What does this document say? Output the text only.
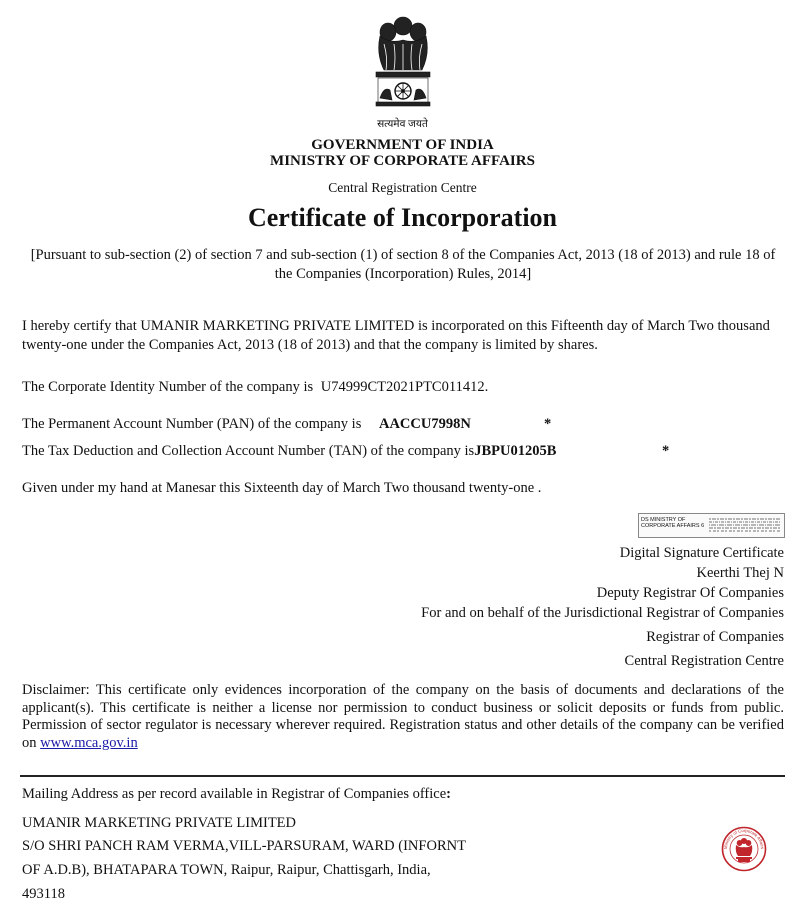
सत्यमेव जयते
GOVERNMENT OF INDIA
MINISTRY OF CORPORATE AFFAIRS
Central Registration Centre
Certificate of Incorporation
[Pursuant to sub-section (2) of section 7 and sub-section (1) of section 8 of the Companies Act, 2013 (18 of 2013) and rule 18 of the Companies (Incorporation) Rules, 2014]
I hereby certify that UMANIR MARKETING PRIVATE LIMITED is incorporated on this Fifteenth day of March Two thousand twenty-one under the Companies Act, 2013 (18 of 2013) and that the company is limited by shares.
The Corporate Identity Number of the company is U74999CT2021PTC011412.
The Permanent Account Number (PAN) of the company is AACCU7998N	*
The Tax Deduction and Collection Account Number (TAN) of the company isJBPU01205B	*
Given under my hand at Manesar this Sixteenth day of March Two thousand twenty-one .
DS MINISTRY OF CORPORATE AFFAIRS 6
Digital Signature Certificate
Keerthi Thej N
Deputy Registrar Of Companies
For and on behalf of the Jurisdictional Registrar of Companies
Registrar of Companies
Central Registration Centre
Disclaimer: This certificate only evidences incorporation of the company on the basis of documents and declarations of the applicant(s). This certificate is neither a license nor permission to conduct business or solicit deposits or funds from public. Permission of sector regulator is necessary wherever required. Registration status and other details of the company can be verified on www.mca.gov.in
Mailing Address as per record available in Registrar of Companies office:
UMANIR MARKETING PRIVATE LIMITED
S/O SHRI PANCH RAM VERMA,VILL-PARSURAM, WARD (INFORNT
OF A.D.B), BHATAPARA TOWN, Raipur, Raipur, Chattisgarh, India,
493118
Ministry of Corporate Affairs
